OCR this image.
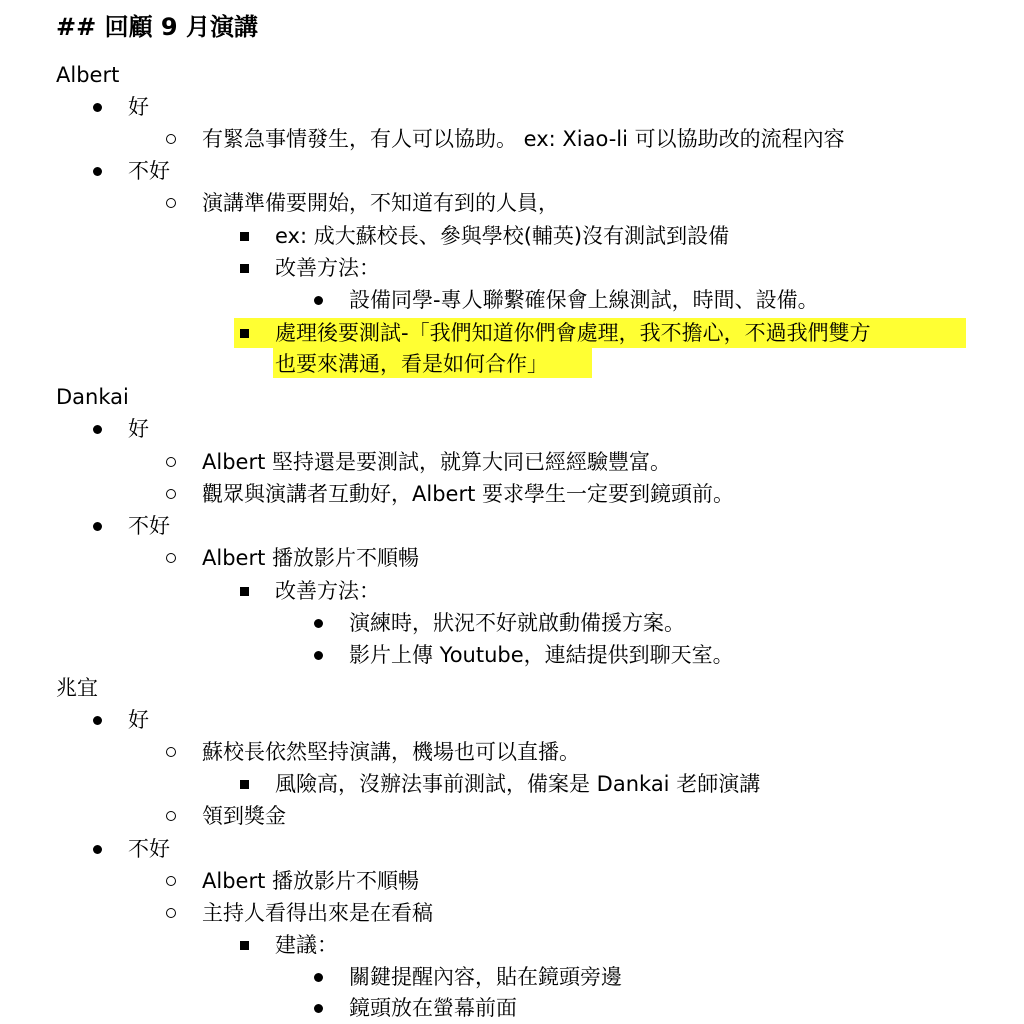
## 回顧 9 月演講
Albert
好
有緊急事情發生，有人可以協助。 ex: Xiao-li 可以協助改的流程內容
不好
演講準備要開始，不知道有到的人員，
ex: 成大蘇校長、參與學校(輔英)沒有測試到設備
改善方法：
設備同學-專人聯繫確保會上線測試，時間、設備。
處理後要測試-「我們知道你們會處理，我不擔心，不過我們雙方
也要來溝通，看是如何合作」
Dankai
好
Albert 堅持還是要測試，就算大同已經經驗豐富。
觀眾與演講者互動好，Albert 要求學生一定要到鏡頭前。
不好
Albert 播放影片不順暢
改善方法：
演練時，狀況不好就啟動備援方案。
影片上傳 Youtube，連結提供到聊天室。
兆宜
好
蘇校長依然堅持演講，機場也可以直播。
風險高，沒辦法事前測試，備案是 Dankai 老師演講
領到獎金
不好
Albert 播放影片不順暢
主持人看得出來是在看稿
建議：
關鍵提醒內容，貼在鏡頭旁邊
鏡頭放在螢幕前面
